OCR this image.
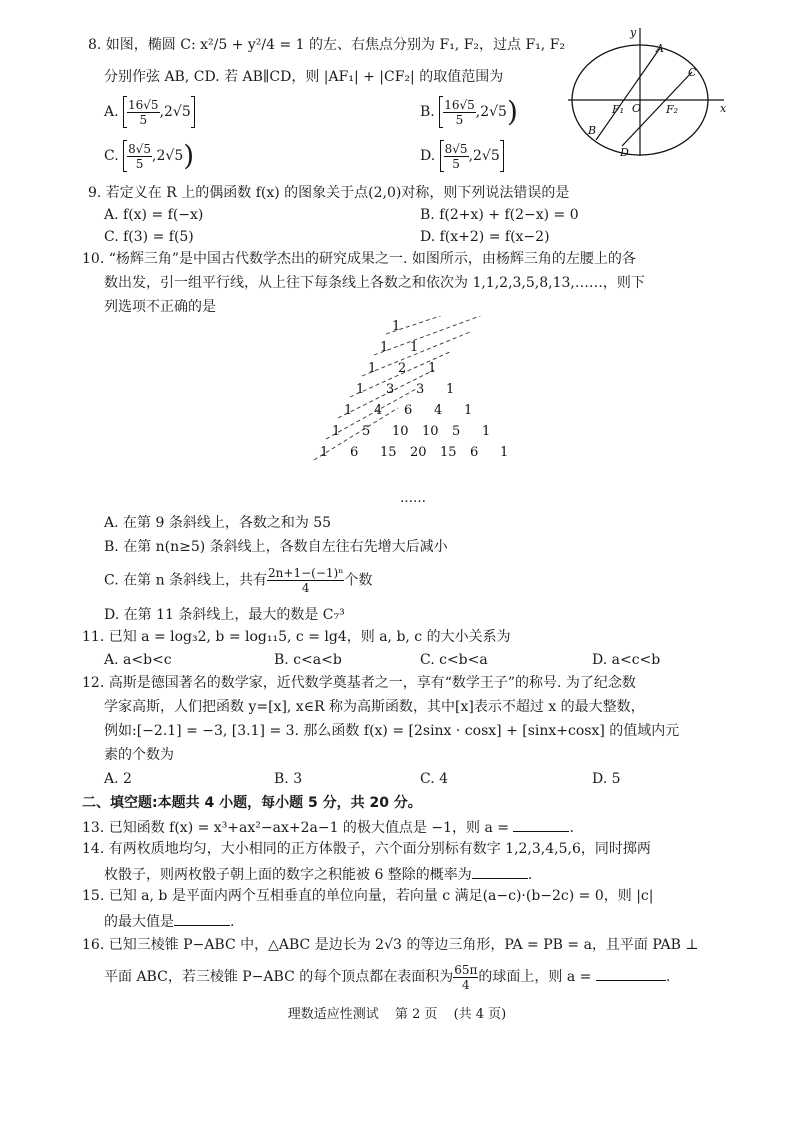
8. 如图，椭圆 C: x²/5 + y²/4 = 1 的左、右焦点分别为 F₁, F₂，过点 F₁, F₂
分别作弦 AB, CD. 若 AB∥CD，则 |AF₁| + |CF₂| 的取值范围为
A. $\frac{16√5}{5} ,2√5$	B. $\frac{16√5}{5} ,2√5$)
C. $\frac{8√5}{5} ,2√5$)	D. $\frac{8√5}{5} ,2√5$
y
x
O
A
B
C
D
F₁	F₂
9. 若定义在 R 上的偶函数 f(x) 的图象关于点(2,0)对称，则下列说法错误的是
A. f(x) = f(−x)	B. f(2+x) + f(2−x) = 0
C. f(3) = f(5)	D. f(x+2) = f(x−2)
10. “杨辉三角”是中国古代数学杰出的研究成果之一. 如图所示，由杨辉三角的左腰上的各
数出发，引一组平行线，从上往下每条线上各数之和依次为 1,1,2,3,5,8,13,……，则下
列选项不正确的是
1
1 1
1 2 1
1 3 3 1
1 4 6 4 1
1 5 10 10 5 1
1 6 15 20 15 6 1
……
A. 在第 9 条斜线上，各数之和为 55
B. 在第 n(n≥5) 条斜线上，各数自左往右先增大后减小
C. 在第 n 条斜线上，共有 $\frac{\text{2n+1−(−1)ⁿ}}{4}$ 个数
D. 在第 11 条斜线上，最大的数是 C₇³
11. 已知 a = log₃2, b = log₁₁5, c = lg4，则 a, b, c 的大小关系为
A. a<b<c	B. c<a<b	C. c<b<a	D. a<c<b
12. 高斯是德国著名的数学家，近代数学奠基者之一，享有“数学王子”的称号. 为了纪念数
学家高斯，人们把函数 y=[x], x∈R 称为高斯函数，其中[x]表示不超过 x 的最大整数，
例如:[−2.1] = −3, [3.1] = 3. 那么函数 f(x) = [2sinx · cosx] + [sinx+cosx] 的值域内元
素的个数为
A. 2	B. 3	C. 4	D. 5
二、填空题:本题共 4 小题，每小题 5 分，共 20 分。
13. 已知函数 f(x) = x³+ax²−ax+2a−1 的极大值点是 −1，则 a =	.
14. 有两枚质地均匀，大小相同的正方体骰子，六个面分别标有数字 1,2,3,4,5,6，同时掷两
枚骰子，则两枚骰子朝上面的数字之积能被 6 整除的概率为	.
15. 已知 a, b 是平面内两个互相垂直的单位向量，若向量 c 满足(a−c)·(b−2c) = 0，则 |c|
的最大值是	.
16. 已知三棱锥 P−ABC 中，△ABC 是边长为 2√3 的等边三角形，PA = PB = a，且平面 PAB ⊥
平面 ABC，若三棱锥 P−ABC 的每个顶点都在表面积为 $\frac{65\pi}{4}$ 的球面上，则 a =	.
理数适应性测试 第 2 页 (共 4 页)
